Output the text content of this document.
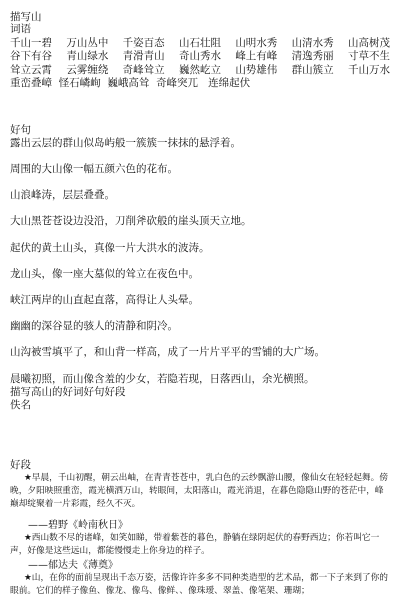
描写山
词语
千山一碧 万山丛中 千姿百态 山石壮阻 山明水秀 山清水秀 山高树茂
谷下有谷 青山绿水 青滑青山 奇山秀水 峰上有峰 清逸秀丽 寸草不生
耸立云霄 云雾缠绕 奇峰耸立 巍然屹立 山势雄伟 群山簇立 千山万水
重峦叠嶂 怪石嶙峋 巍峨高耸 奇峰突兀 连绵起伏
好句
露出云层的群山似岛屿般一簇簇一抹抹的悬浮着。
周围的大山像一幅五颜六色的花布。
山浪峰涛，层层叠叠。
大山黑苍苍设边没沿，刀削斧砍般的崖头顶天立地。
起伏的黄土山头，真像一片大洪水的波涛。
龙山头，像一座大墓似的耸立在夜色中。
峡江两岸的山直起直落，高得让人头晕。
幽幽的深谷显的骇人的清静和阴冷。
山沟被雪填平了，和山背一样高，成了一片片平平的雪铺的大广场。
晨曦初照，而山像含羞的少女，若隐若现，日落西山，余光横照。
描写高山的好词好句好段
佚名
好段
★早晨，千山初醒，朝云出岫，在青青苍苍中，乳白色的云纱飘游山腰，像仙女在轻轻起舞。傍晚，夕阳映照重峦，霞光横洒万山，转眼间，太阳落山，霞光消退，在暮色隐隐山野的苍茫中，峰巅却绽聚着一片彩霞，经久不灭。
——碧野《岭南秋日》
★西山数不尽的诸峰，如笑如睇，带着紫苍的暮色，静躺在绿阴起伏的春野西边；你若叫它一声，好像是这些远山，都能慢慢走上你身边的样子。
——郁达夫《薄奠》
★山，在你的面前呈现出千态万姿，活像许许多多不同种类造型的艺术品，都一下子来到了你的眼前。它们的样子像鱼、像龙、像鸟、像鲜、、像珠瑷、翠盖、像笔架、珊瑚；
